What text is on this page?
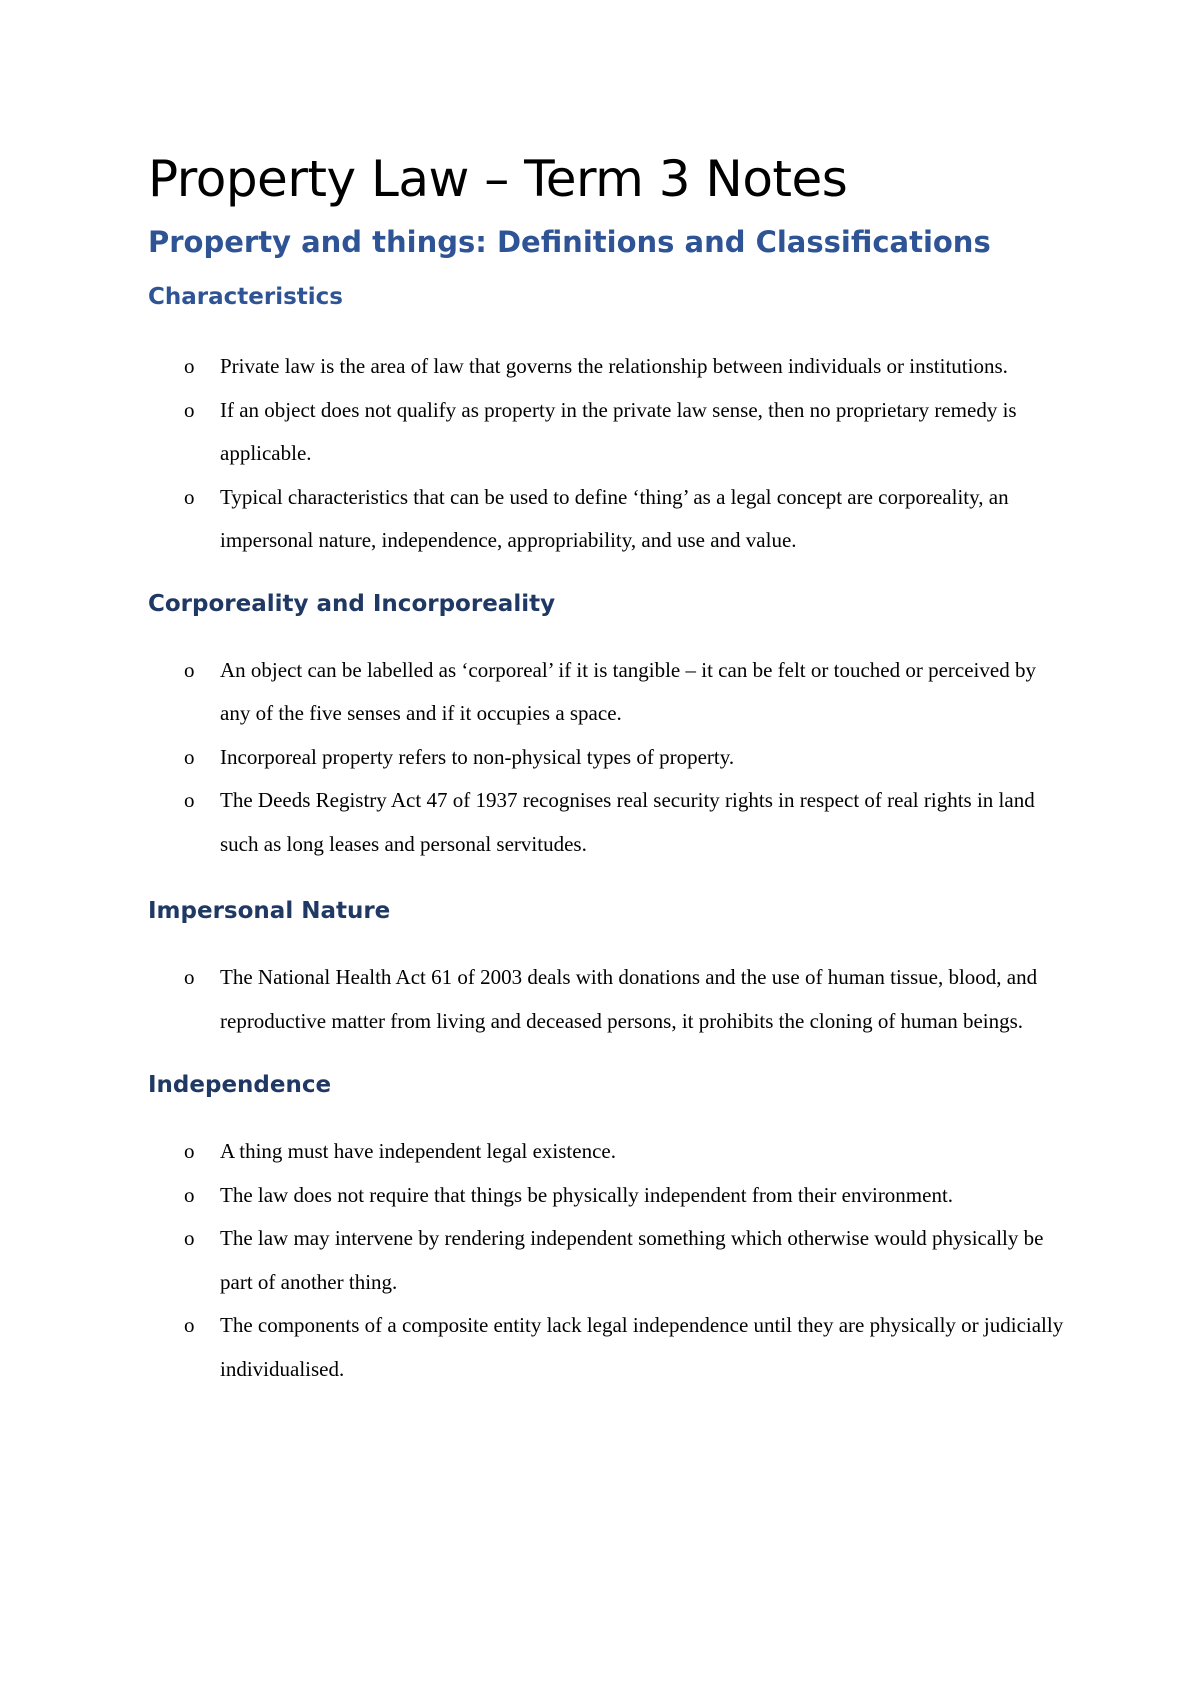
Property Law – Term 3 Notes
Property and things: Definitions and Classifications
Characteristics
o Private law is the area of law that governs the relationship between individuals or institutions.
o If an object does not qualify as property in the private law sense, then no proprietary remedy is applicable.
o Typical characteristics that can be used to define ‘thing’ as a legal concept are corporeality, an impersonal nature, independence, appropriability, and use and value.
Corporeality and Incorporeality
o An object can be labelled as ‘corporeal’ if it is tangible – it can be felt or touched or perceived by any of the five senses and if it occupies a space.
o Incorporeal property refers to non-physical types of property.
o The Deeds Registry Act 47 of 1937 recognises real security rights in respect of real rights in land such as long leases and personal servitudes.
Impersonal Nature
o The National Health Act 61 of 2003 deals with donations and the use of human tissue, blood, and reproductive matter from living and deceased persons, it prohibits the cloning of human beings.
Independence
o A thing must have independent legal existence.
o The law does not require that things be physically independent from their environment.
o The law may intervene by rendering independent something which otherwise would physically be part of another thing.
o The components of a composite entity lack legal independence until they are physically or judicially individualised.
